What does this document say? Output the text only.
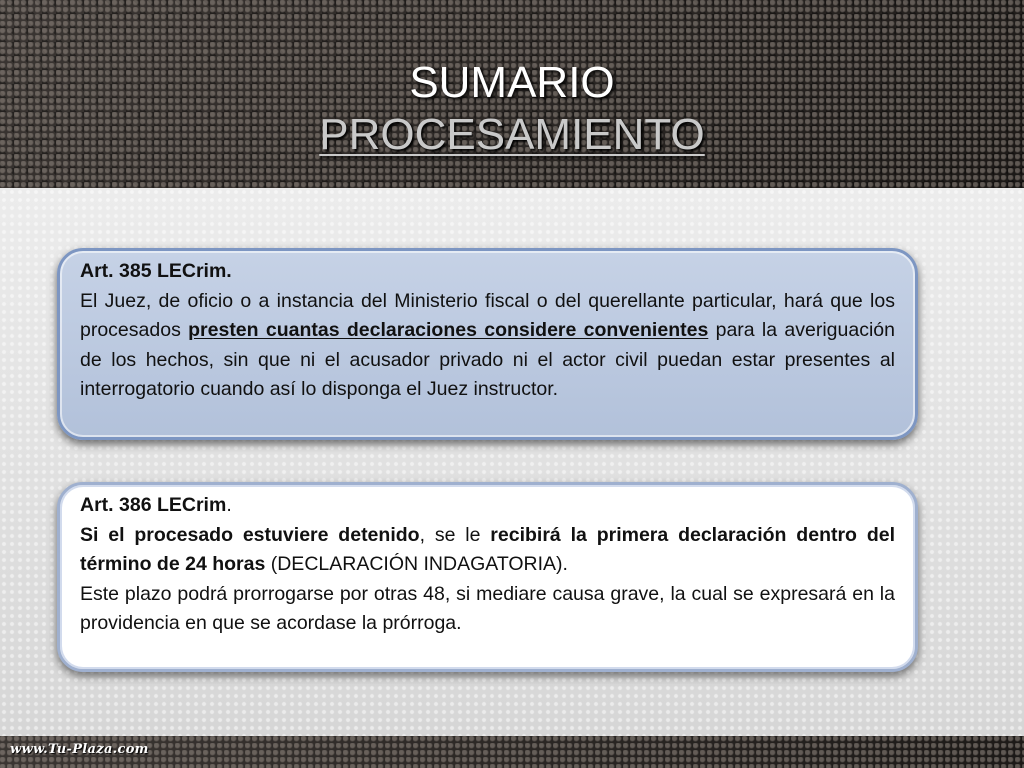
SUMARIO
PROCESAMIENTO
Art. 385 LECrim.
El Juez, de oficio o a instancia del Ministerio fiscal o del querellante particular, hará que los procesados presten cuantas declaraciones considere convenientes para la averiguación de los hechos, sin que ni el acusador privado ni el actor civil puedan estar presentes al interrogatorio cuando así lo disponga el Juez instructor.
Art. 386 LECrim.
Si el procesado estuviere detenido, se le recibirá la primera declaración dentro del término de 24 horas (DECLARACIÓN INDAGATORIA).
Este plazo podrá prorrogarse por otras 48, si mediare causa grave, la cual se expresará en la providencia en que se acordase la prórroga.
www.Tu-Plaza.com
